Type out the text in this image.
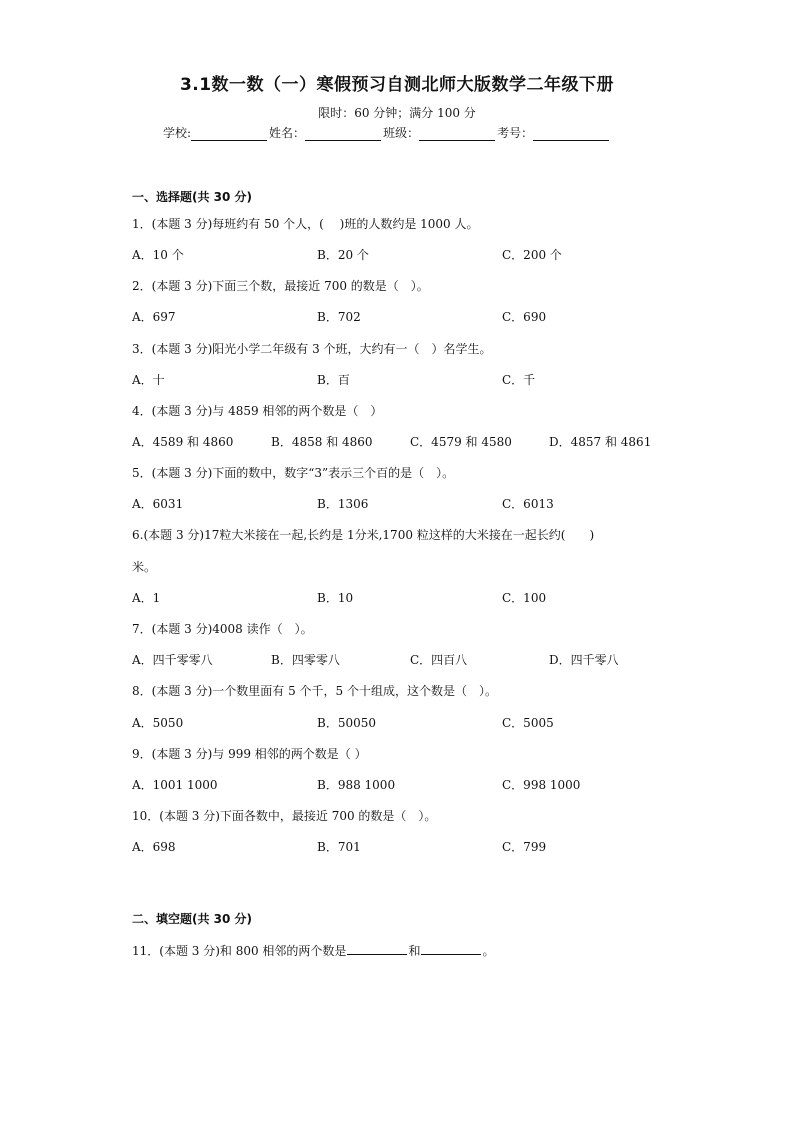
3.1数一数（一）寒假预习自测北师大版数学二年级下册
限时：60 分钟；满分 100 分
学校:	姓名：	班级：	考号：
一、选择题(共 30 分)
1．(本题 3 分)每班约有 50 个人，(　 )班的人数约是 1000 人。
A．10 个	B．20 个	C．200 个
2．(本题 3 分)下面三个数，最接近 700 的数是（　）。
A．697	B．702	C．690
3．(本题 3 分)阳光小学二年级有 3 个班，大约有一（　）名学生。
A．十	B．百	C．千
4．(本题 3 分)与 4859 相邻的两个数是（　）
A．4589 和 4860	B．4858 和 4860	C．4579 和 4580	D．4857 和 4861
5．(本题 3 分)下面的数中，数字“3”表示三个百的是（　）。
A．6031	B．1306	C．6013
6.(本题 3 分)17粒大米接在一起,长约是 1分米,1700 粒这样的大米接在一起长约(　　)
米。
A．1	B．10	C．100
7．(本题 3 分)4008 读作（　）。
A．四千零零八	B．四零零八	C．四百八	D．四千零八
8．(本题 3 分)一个数里面有 5 个千，5 个十组成，这个数是（　）。
A．5050	B．50050	C．5005
9．(本题 3 分)与 999 相邻的两个数是（ ）
A．1001 1000	B．988 1000	C．998 1000
10．(本题 3 分)下面各数中，最接近 700 的数是（　）。
A．698	B．701	C．799
二、填空题(共 30 分)
11．(本题 3 分)和 800 相邻的两个数是	和	。
